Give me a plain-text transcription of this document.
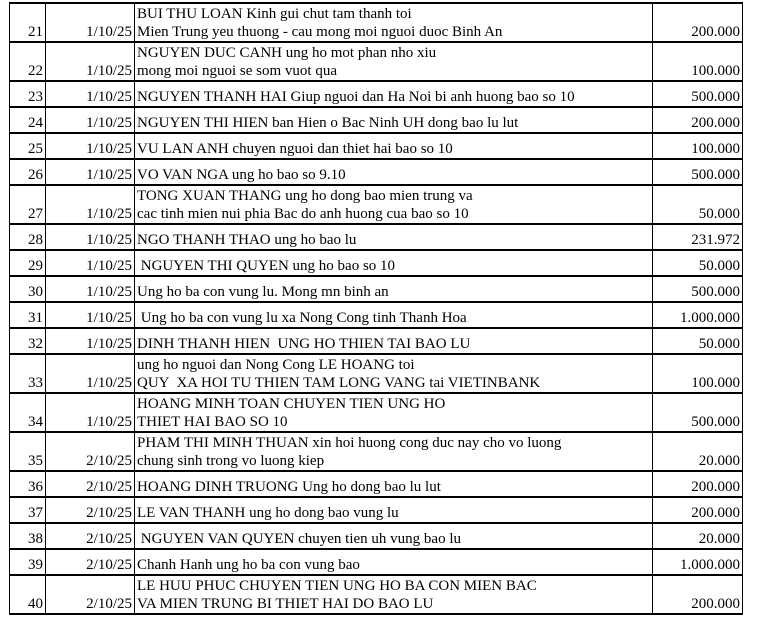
21	1/10/25	BUI THU LOAN Kinh gui chut tam thanh toi
Mien Trung yeu thuong - cau mong moi nguoi duoc Binh An	200.000
22	1/10/25	NGUYEN DUC CANH ung ho mot phan nho xiu
mong moi nguoi se som vuot qua	100.000
23	1/10/25	NGUYEN THANH HAI Giup nguoi dan Ha Noi bi anh huong bao so 10	500.000
24	1/10/25	NGUYEN THI HIEN ban Hien o Bac Ninh UH dong bao lu lut	200.000
25	1/10/25	VU LAN ANH chuyen nguoi dan thiet hai bao so 10	100.000
26	1/10/25	VO VAN NGA ung ho bao so 9.10	500.000
27	1/10/25	TONG XUAN THANG ung ho dong bao mien trung va
cac tinh mien nui phia Bac do anh huong cua bao so 10	50.000
28	1/10/25	NGO THANH THAO ung ho bao lu	231.972
29	1/10/25	NGUYEN THI QUYEN ung ho bao so 10	50.000
30	1/10/25	Ung ho ba con vung lu. Mong mn binh an	500.000
31	1/10/25	Ung ho ba con vung lu xa Nong Cong tinh Thanh Hoa	1.000.000
32	1/10/25	DINH THANH HIEN  UNG HO THIEN TAI BAO LU	50.000
33	1/10/25	ung ho nguoi dan Nong Cong LE HOANG toi
QUY  XA HOI TU THIEN TAM LONG VANG tai VIETINBANK	100.000
34	1/10/25	HOANG MINH TOAN CHUYEN TIEN UNG HO
THIET HAI BAO SO 10	500.000
35	2/10/25	PHAM THI MINH THUAN xin hoi huong cong duc nay cho vo luong
chung sinh trong vo luong kiep	20.000
36	2/10/25	HOANG DINH TRUONG Ung ho dong bao lu lut	200.000
37	2/10/25	LE VAN THANH ung ho dong bao vung lu	200.000
38	2/10/25	NGUYEN VAN QUYEN chuyen tien uh vung bao lu	20.000
39	2/10/25	Chanh Hanh ung ho ba con vung bao	1.000.000
40	2/10/25	LE HUU PHUC CHUYEN TIEN UNG HO BA CON MIEN BAC
VA MIEN TRUNG BI THIET HAI DO BAO LU	200.000
